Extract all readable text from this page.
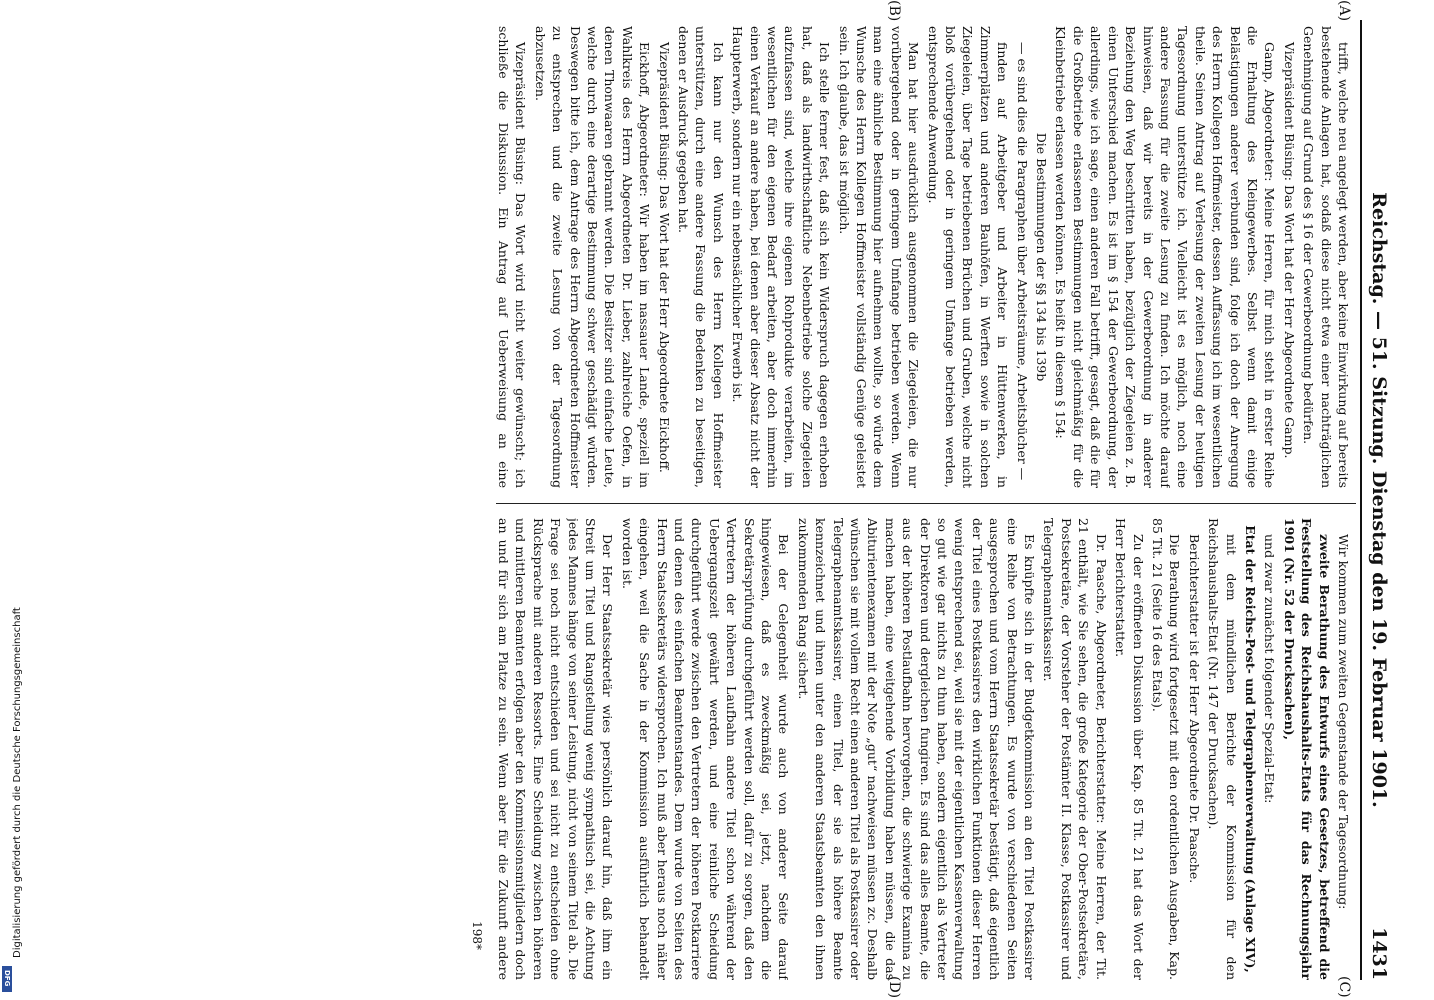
Digitalisierung gefördert durch die Deutsche Forschungsgemeinschaft
DFG
Reichstag. — 51. Sitzung. Dienstag den 19. Februar 1901.
1431
(A)
(B)
(C)
(D)

trifft, welche neu angelegt werden, aber keine Einwirkung auf bereits bestehende Anlagen hat, sodaß diese nicht etwa einer nachträglichen Genehmigung auf Grund des § 16 der Gewerbeordnung bedürfen.

Vizepräsident Büsing: Das Wort hat der Herr Abgeordnete Gamp.

Gamp, Abgeordneter: Meine Herren, für mich steht in erster Reihe die Erhaltung des Kleingewerbes. Selbst wenn damit einige Belästigungen anderer verbunden sind, folge ich doch der Anregung des Herrn Kollegen Hoffmeister, dessen Auffassung ich im wesentlichen theile. Seinen Antrag auf Verlesung der zweiten Lesung der heutigen Tagesordnung unterstütze ich. Vielleicht ist es möglich, noch eine andere Fassung für die zweite Lesung zu finden. Ich möchte darauf hinweisen, daß wir bereits in der Gewerbeordnung in anderer Beziehung den Weg beschritten haben, bezüglich der Ziegeleien z. B. einen Unterschied machen. Es ist im § 154 der Gewerbeordnung, der allerdings, wie ich sage, einen anderen Fall betrifft, gesagt, daß die für die Großbetriebe erlassenen Bestimmungen nicht gleichmäßig für die Kleinbetriebe erlassen werden können. Es heißt in diesem § 154:

Die Bestimmungen der §§ 134 bis 139b

— es sind dies die Paragraphen über Arbeitsräume, Arbeitsbücher —

finden auf Arbeitgeber und Arbeiter in Hüttenwerken, in Zimmerplätzen und anderen Bauhöfen, in Werften sowie in solchen Ziegeleien, über Tage betriebenen Brüchen und Gruben, welche nicht bloß vorübergehend oder in geringem Umfange betrieben werden, entsprechende Anwendung.

Man hat hier ausdrücklich ausgenommen die Ziegeleien, die nur vorübergehend oder in geringem Umfange betrieben werden. Wenn man eine ähnliche Bestimmung hier aufnehmen wollte, so würde dem Wunsche des Herrn Kollegen Hoffmeister vollständig Genüge geleistet sein. Ich glaube, das ist möglich.

Ich stelle ferner fest, daß sich kein Widerspruch dagegen erhoben hat, daß als landwirthschaftliche Nebenbetriebe solche Ziegeleien aufzufassen sind, welche ihre eigenen Rohprodukte verarbeiten, im wesentlichen für den eigenen Bedarf arbeiten, aber doch immerhin einen Verkauf an andere haben, bei denen aber dieser Absatz nicht der Haupterwerb, sondern nur ein nebensächlicher Erwerb ist.

Ich kann nur den Wunsch des Herrn Kollegen Hoffmeister unterstützen, durch eine andere Fassung die Bedenken zu beseitigen, denen er Ausdruck gegeben hat.

Vizepräsident Büsing: Das Wort hat der Herr Abgeordnete Eickhoff.

Eickhoff, Abgeordneter: Wir haben im nassauer Lande, speziell im Wahlkreis des Herrn Abgeordneten Dr. Lieber, zahlreiche Oefen, in denen Thonwaaren gebrannt werden. Die Besitzer sind einfache Leute, welche durch eine derartige Bestimmung schwer geschädigt würden. Deswegen bitte ich, dem Antrage des Herrn Abgeordneten Hoffmeister zu entsprechen und die zweite Lesung von der Tagesordnung abzusetzen.

Vizepräsident Büsing: Das Wort wird nicht weiter gewünscht; ich schließe die Diskussion. Ein Antrag auf Ueberweisung an eine

Wir kommen zum zweiten Gegenstande der Tagesordnung:

zweite Berathung des Entwurfs eines Gesetzes, betreffend die Feststellung des Reichshaushalts-Etats für das Rechnungsjahr 1901 (Nr. 52 der Drucksachen),

und zwar zunächst folgender Spezial-Etat:

Etat der Reichs-Post- und Telegraphenverwaltung (Anlage XIV),

mit dem mündlichen Berichte der Kommission für den Reichshaushalts-Etat (Nr. 147 der Drucksachen).

Berichterstatter ist der Herr Abgeordnete Dr. Paasche.

Die Berathung wird fortgesetzt mit den ordentlichen Ausgaben, Kap. 85 Tit. 21 (Seite 16 des Etats).

Zu der eröffneten Diskussion über Kap. 85 Tit. 21 hat das Wort der Herr Berichterstatter.

Dr. Paasche, Abgeordneter, Berichterstatter: Meine Herren, der Tit. 21 enthält, wie Sie sehen, die große Kategorie der Ober-Postsekretäre, Postsekretäre, der Vorsteher der Postämter II. Klasse, Postkassirer und Telegraphenamtskassirer.

Es knüpfte sich in der Budgetkommission an den Titel Postkassirer eine Reihe von Betrachtungen. Es wurde von verschiedenen Seiten ausgesprochen und vom Herrn Staatssekretär bestätigt, daß eigentlich der Titel eines Postkassirers den wirklichen Funktionen dieser Herren wenig entsprechend sei, weil sie mit der eigentlichen Kassenverwaltung so gut wie gar nichts zu thun haben, sondern eigentlich als Vertreter der Direktoren und dergleichen fungiren. Es sind das alles Beamte, die aus der höheren Postlaufbahn hervorgehen, die schwierige Examina zu machen haben, eine weitgehende Vorbildung haben müssen, die das Abiturientenexamen mit der Note „gut“ nachweisen müssen zc. Deshalb wünschen sie mit vollem Recht einen anderen Titel als Postkassirer oder Telegraphenamtskassirer, einen Titel, der sie als höhere Beamte kennzeichnet und ihnen unter den anderen Staatsbeamten den ihnen zukommenden Rang sichert.

Bei der Gelegenheit wurde auch von anderer Seite darauf hingewiesen, daß es zweckmäßig sei, jetzt, nachdem die Sekretärsprüfung durchgeführt werden soll, dafür zu sorgen, daß den Vertretern der höheren Laufbahn andere Titel schon während der Uebergangszeit gewährt werden, und eine reinliche Scheidung durchgeführt werde zwischen den Vertretern der höheren Postkarriere und denen des einfachen Beamtenstandes. Dem wurde von Seiten des Herrn Staatssekretärs widersprochen. Ich muß aber heraus noch näher eingehen, weil die Sache in der Kommission ausführlich behandelt worden ist.

Der Herr Staatssekretär wies persönlich darauf hin, daß ihm ein Streit um Titel und Rangstellung wenig sympathisch sei, die Achtung jedes Mannes hänge von seiner Leistung, nicht von seinem Titel ab. Die Frage sei noch nicht entschieden und sei nicht zu entscheiden ohne Rücksprache mit anderen Ressorts. Eine Scheidung zwischen höheren und mittleren Beamten erfolgen aber den Kommissionsmitgliedern doch an und für sich am Platze zu sein. Wenn aber für die Zukunft andere

198*
